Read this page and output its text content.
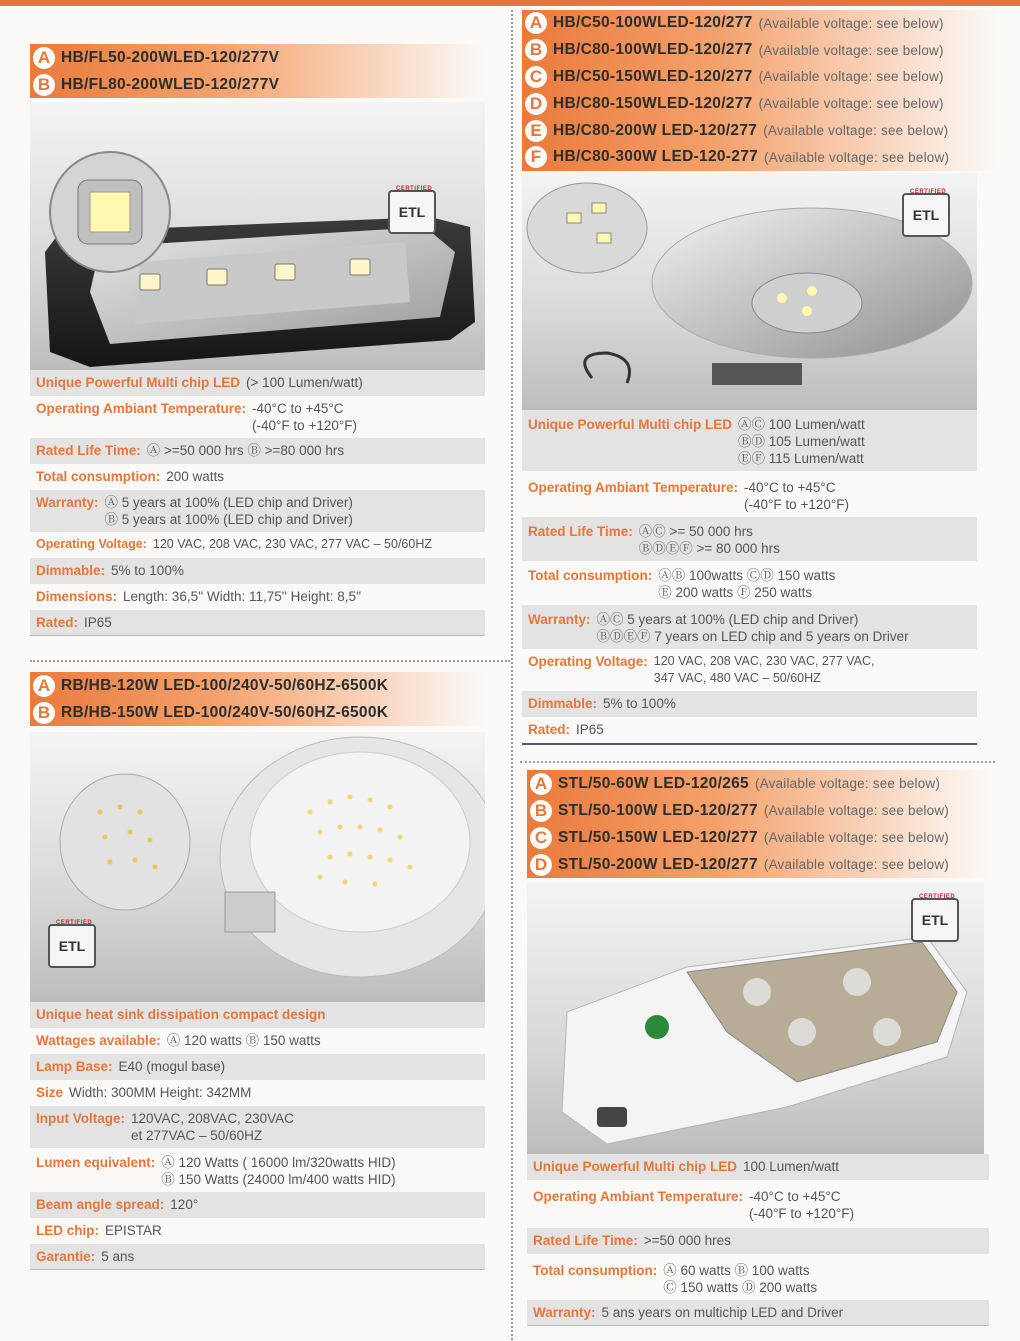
A HB/FL50-200WLED-120/277V
B HB/FL80-200WLED-120/277V
ETL
CERTIFIED
Unique Powerful Multi chip LED (> 100 Lumen/watt)
Operating Ambiant Temperature: -40°C to +45°C
(-40°F to +120°F)
Rated Life Time: Ⓐ >=50 000 hrs Ⓑ >=80 000 hrs
Total consumption: 200 watts
Warranty: Ⓐ 5 years at 100% (LED chip and Driver)
Ⓑ 5 years at 100% (LED chip and Driver)
Operating Voltage: 120 VAC, 208 VAC, 230 VAC, 277 VAC – 50/60HZ
Dimmable: 5% to 100%
Dimensions: Length: 36,5'' Width: 11,75'' Height: 8,5''
Rated: IP65
A HB/C50-100WLED-120/277 (Available voltage: see below)
B HB/C80-100WLED-120/277 (Available voltage: see below)
C HB/C50-150WLED-120/277 (Available voltage: see below)
D HB/C80-150WLED-120/277 (Available voltage: see below)
E HB/C80-200W LED-120/277 (Available voltage: see below)
F HB/C80-300W LED-120-277 (Available voltage: see below)
ETL
CERTIFIED
Unique Powerful Multi chip LED ⒶⒸ 100 Lumen/watt
ⒷⒹ 105 Lumen/watt
ⒺⒻ 115 Lumen/watt
Operating Ambiant Temperature: -40°C to +45°C
(-40°F to +120°F)
Rated Life Time: ⒶⒸ >= 50 000 hrs
ⒷⒹⒺⒻ >= 80 000 hrs
Total consumption: ⒶⒷ 100watts ⒸⒹ 150 watts
Ⓔ 200 watts Ⓕ 250 watts
Warranty: ⒶⒸ 5 years at 100% (LED chip and Driver)
ⒷⒹⒺⒻ 7 years on LED chip and 5 years on Driver
Operating Voltage: 120 VAC, 208 VAC, 230 VAC, 277 VAC,
347 VAC, 480 VAC – 50/60HZ
Dimmable: 5% to 100%
Rated: IP65
A RB/HB-120W LED-100/240V-50/60HZ-6500K
B RB/HB-150W LED-100/240V-50/60HZ-6500K
ETL
CERTIFIED
Unique heat sink dissipation compact design
Wattages available: Ⓐ 120 watts Ⓑ 150 watts
Lamp Base: E40 (mogul base)
Size Width: 300MM Height: 342MM
Input Voltage: 120VAC, 208VAC, 230VAC
et 277VAC – 50/60HZ
Lumen equivalent: Ⓐ 120 Watts ( 16000 lm/320watts HID)
Ⓑ 150 Watts (24000 lm/400 watts HID)
Beam angle spread: 120°
LED chip: EPISTAR
Garantie: 5 ans
A STL/50-60W LED-120/265 (Available voltage: see below)
B STL/50-100W LED-120/277 (Available voltage: see below)
C STL/50-150W LED-120/277 (Available voltage: see below)
D STL/50-200W LED-120/277 (Available voltage: see below)
ETL
CERTIFIED
Unique Powerful Multi chip LED 100 Lumen/watt
Operating Ambiant Temperature: -40°C to +45°C
(-40°F to +120°F)
Rated Life Time: >=50 000 hres
Total consumption: Ⓐ 60 watts Ⓑ 100 watts
Ⓒ 150 watts Ⓓ 200 watts
Warranty: 5 ans years on multichip LED and Driver
